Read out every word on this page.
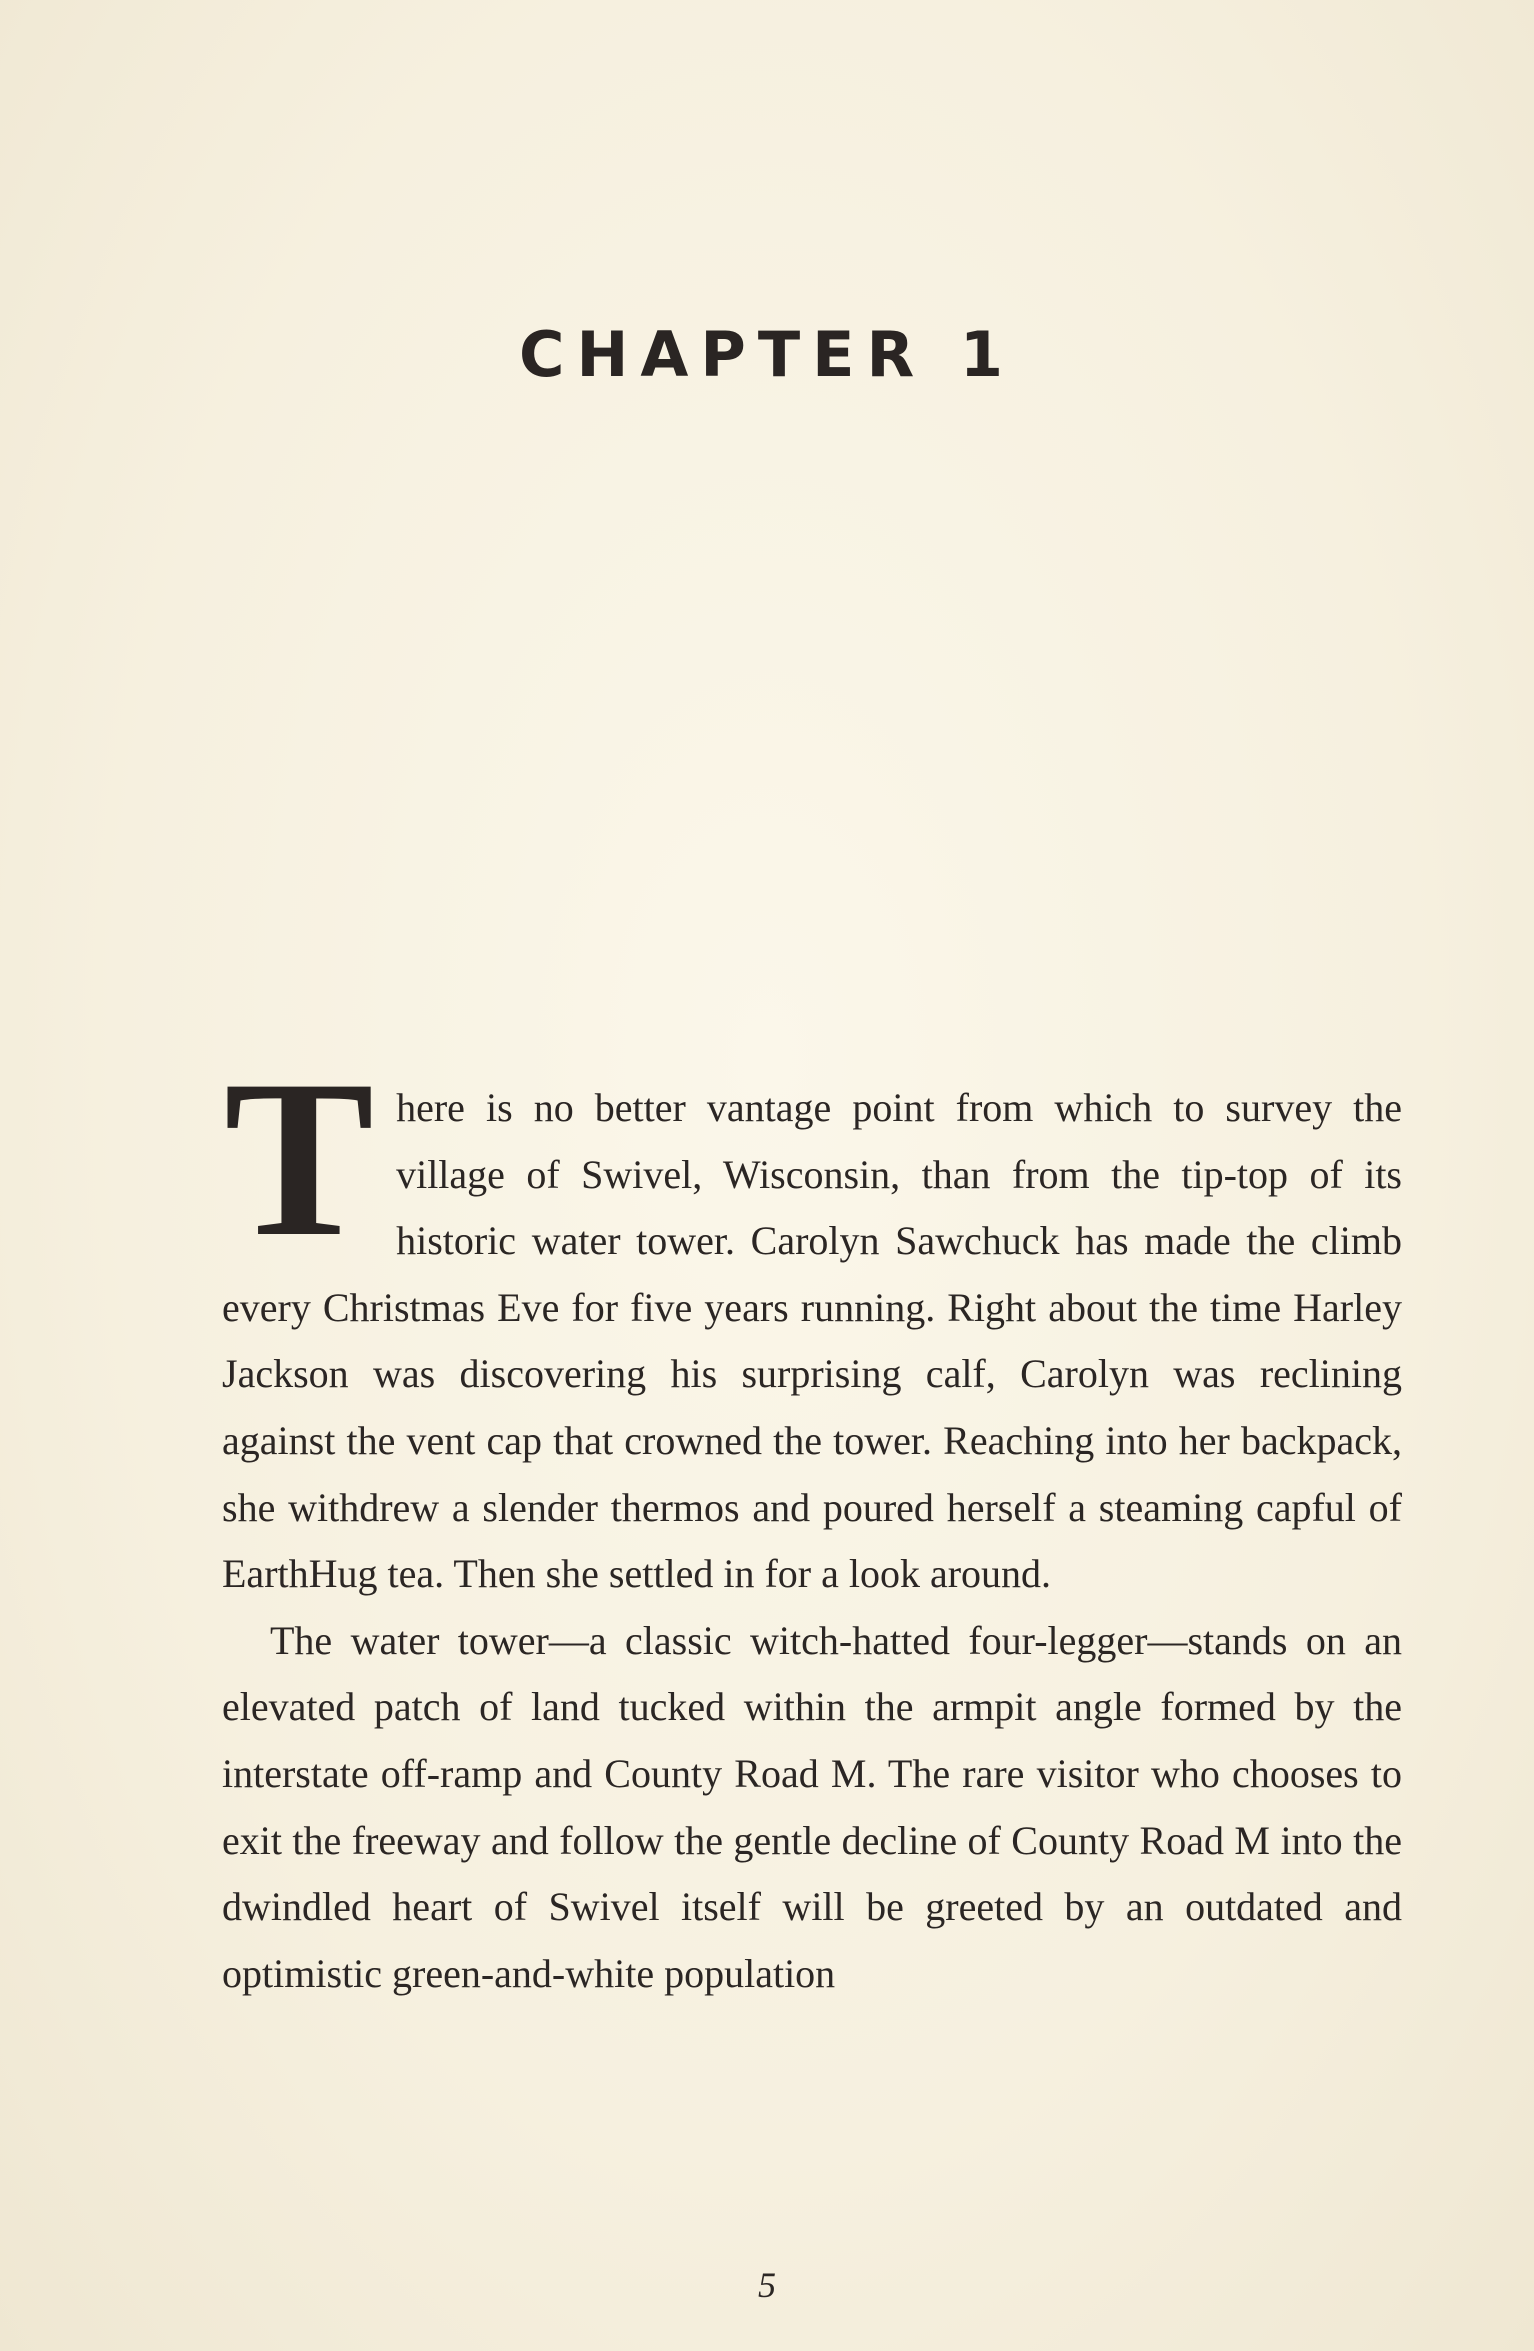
CHAPTER 1

There is no better vantage point from which to survey the village of Swivel, Wisconsin, than from the tip-top of its historic water tower. Carolyn Sawchuck has made the climb every Christmas Eve for five years running. Right about the time Harley Jackson was discovering his surprising calf, Carolyn was reclining against the vent cap that crowned the tower. Reaching into her backpack, she withdrew a slender thermos and poured herself a steaming capful of EarthHug tea. Then she settled in for a look around.

The water tower—a classic witch-hatted four-legger—stands on an elevated patch of land tucked within the armpit angle formed by the interstate off-ramp and County Road M. The rare visitor who chooses to exit the freeway and follow the gentle decline of County Road M into the dwindled heart of Swivel itself will be greeted by an outdated and optimistic green-and-white population

5
